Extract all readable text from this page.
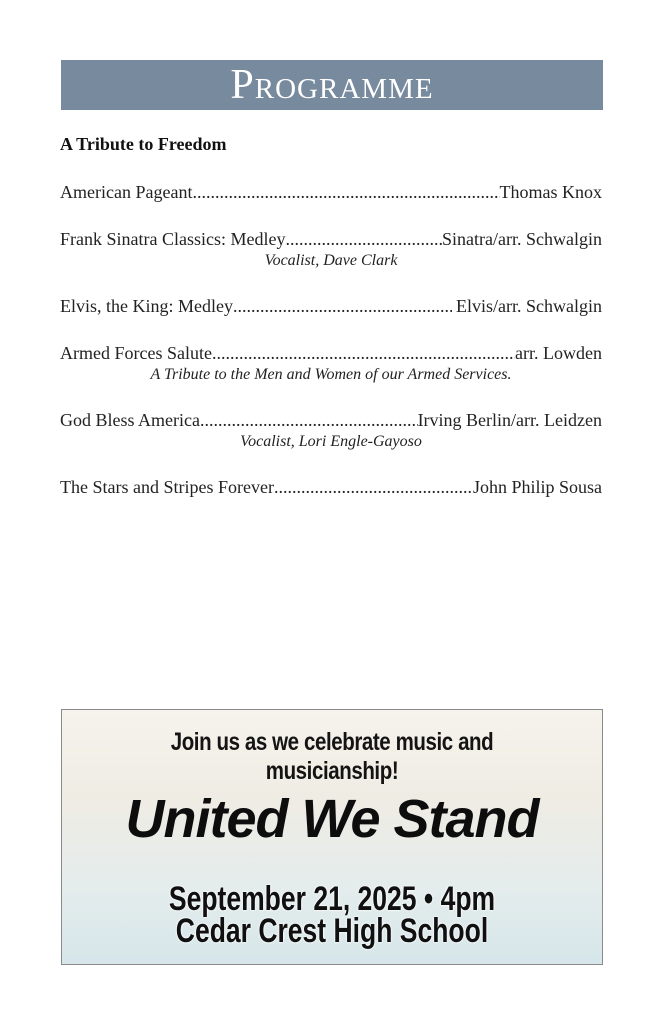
Programme
A Tribute to Freedom
American Pageant .....	Thomas Knox
Frank Sinatra Classics: Medley .....	Sinatra/arr. Schwalgin
Vocalist, Dave Clark
Elvis, the King: Medley .....	Elvis/arr. Schwalgin
Armed Forces Salute .....	arr. Lowden
A Tribute to the Men and Women of our Armed Services.
God Bless America .....	Irving Berlin/arr. Leidzen
Vocalist, Lori Engle-Gayoso
The Stars and Stripes Forever .....	John Philip Sousa
Join us as we celebrate music and musicianship!
United We Stand
September 21, 2025 • 4pm
Cedar Crest High School
